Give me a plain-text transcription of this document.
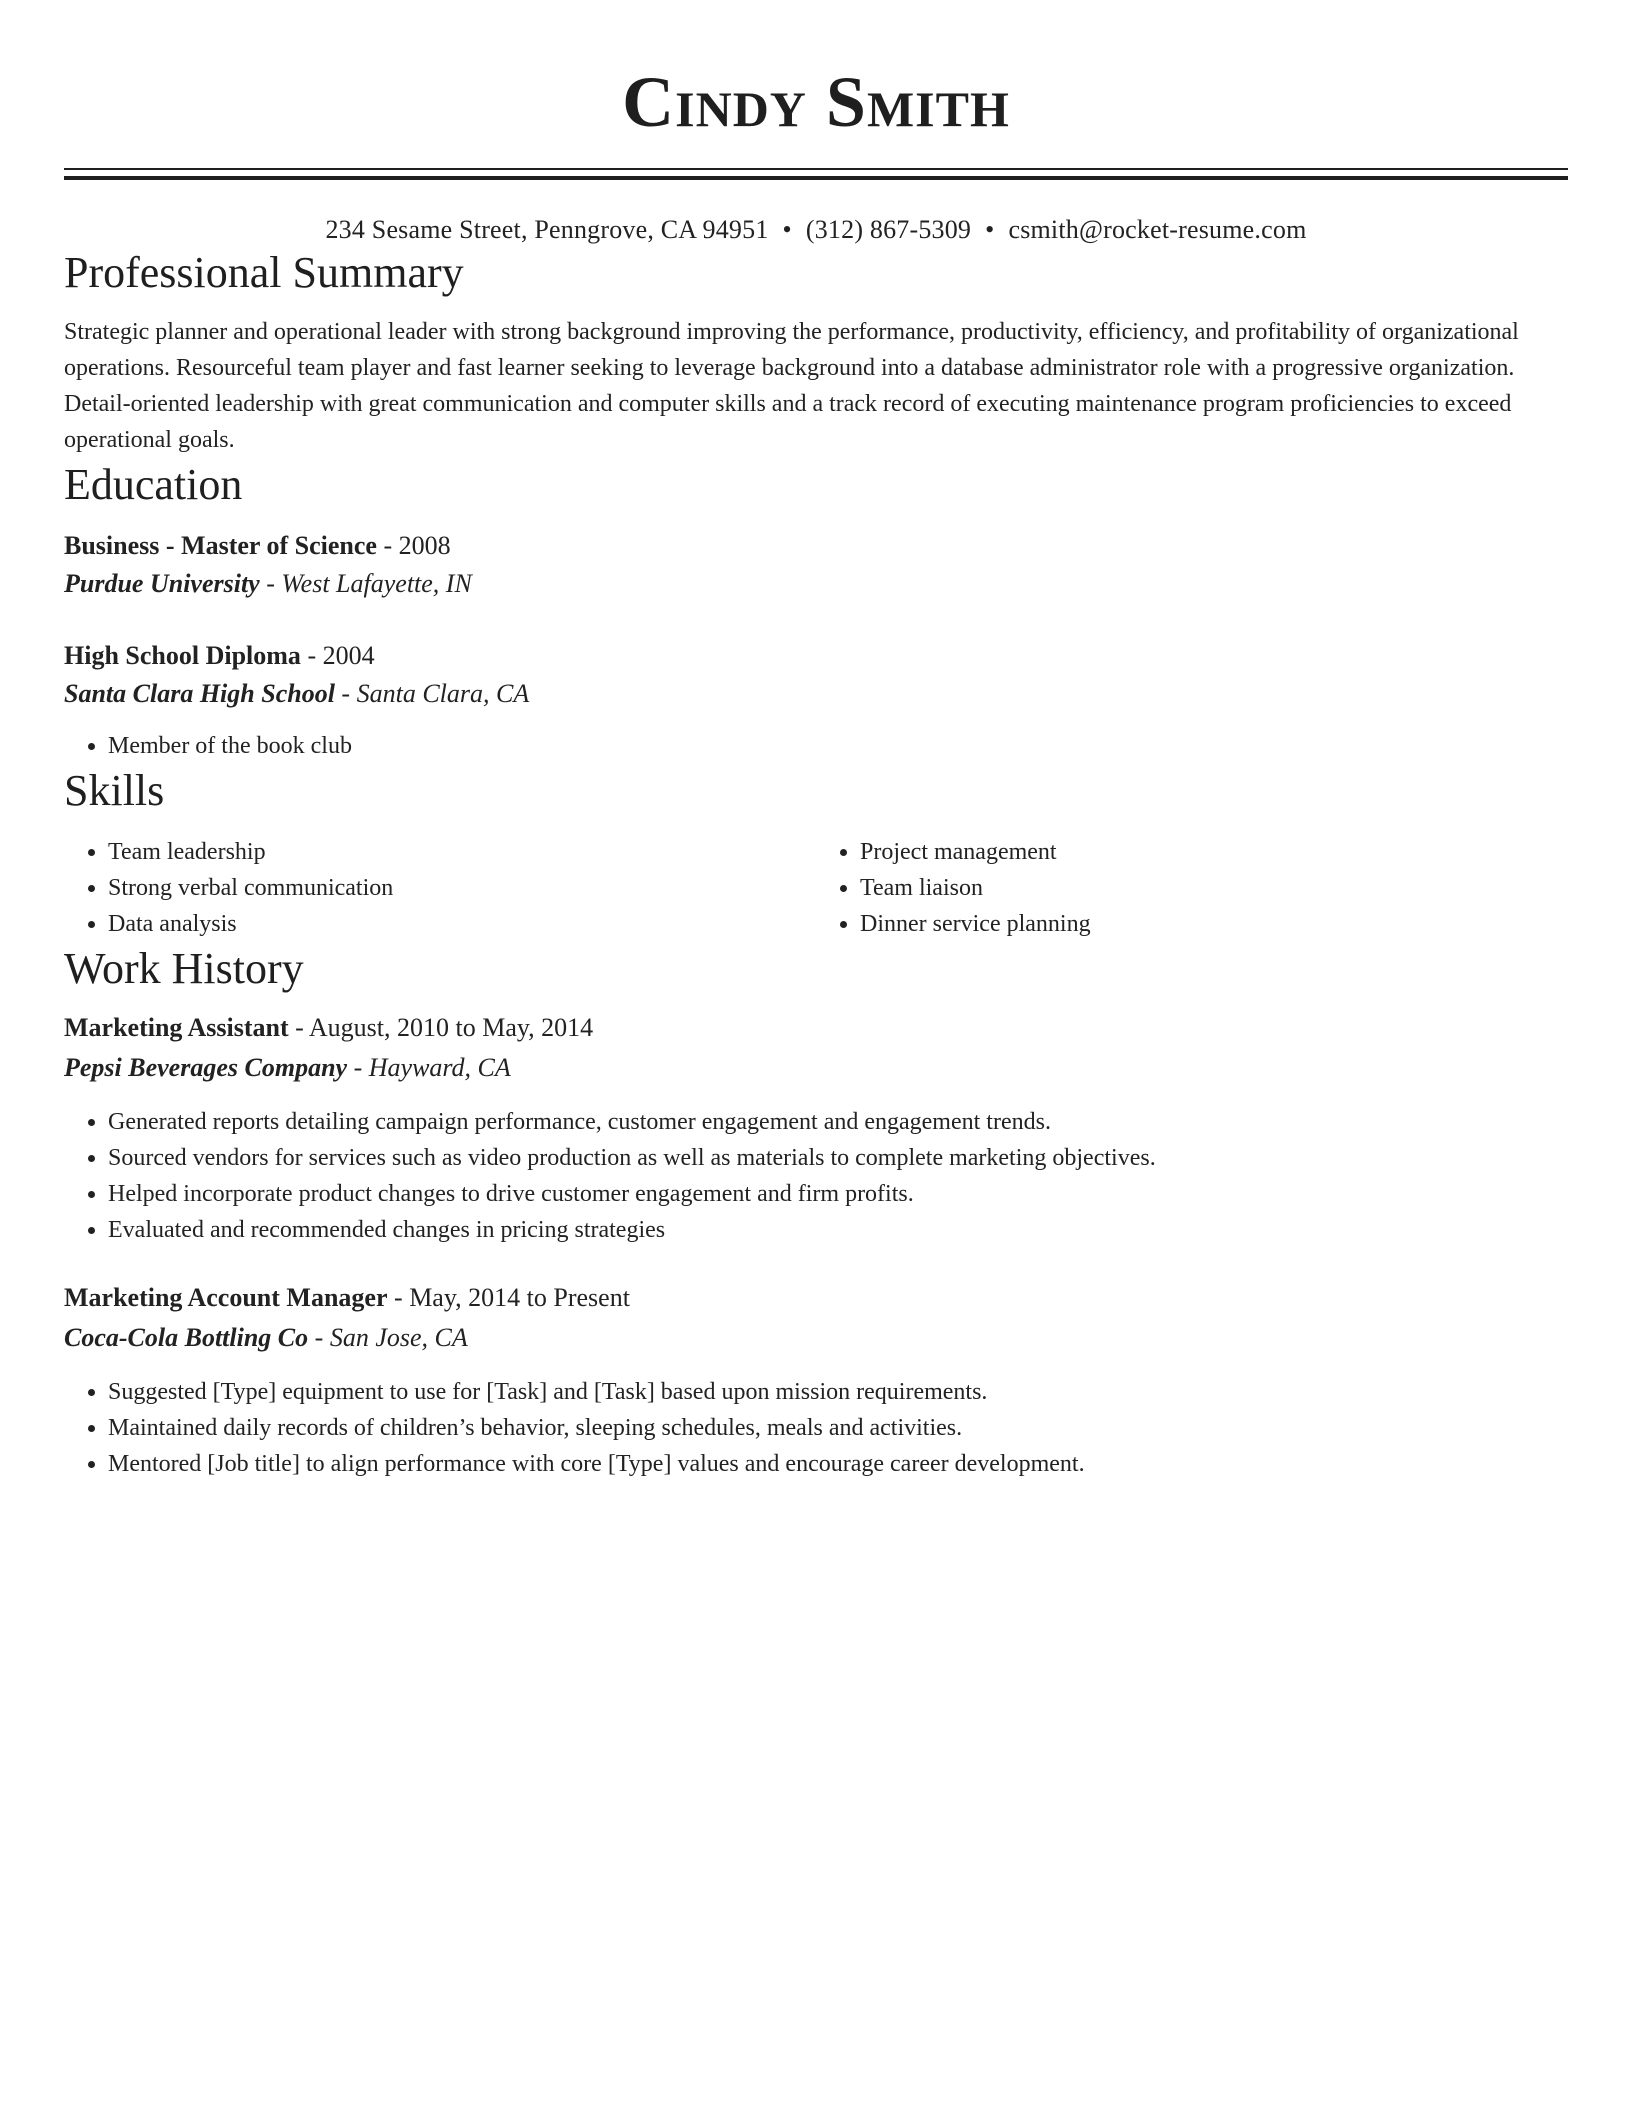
Cindy Smith
234 Sesame Street, Penngrove, CA 94951 • (312) 867-5309 • csmith@rocket-resume.com
Professional Summary
Strategic planner and operational leader with strong background improving the performance, productivity, efficiency, and profitability of organizational operations. Resourceful team player and fast learner seeking to leverage background into a database administrator role with a progressive organization. Detail-oriented leadership with great communication and computer skills and a track record of executing maintenance program proficiencies to exceed operational goals.
Education
Business - Master of Science - 2008
Purdue University - West Lafayette, IN
High School Diploma - 2004
Santa Clara High School - Santa Clara, CA
• Member of the book club
Skills
• Team leadership
• Strong verbal communication
• Data analysis
• Project management
• Team liaison
• Dinner service planning
Work History
Marketing Assistant - August, 2010 to May, 2014
Pepsi Beverages Company - Hayward, CA
• Generated reports detailing campaign performance, customer engagement and engagement trends.
• Sourced vendors for services such as video production as well as materials to complete marketing objectives.
• Helped incorporate product changes to drive customer engagement and firm profits.
• Evaluated and recommended changes in pricing strategies
Marketing Account Manager - May, 2014 to Present
Coca-Cola Bottling Co - San Jose, CA
• Suggested [Type] equipment to use for [Task] and [Task] based upon mission requirements.
• Maintained daily records of children’s behavior, sleeping schedules, meals and activities.
• Mentored [Job title] to align performance with core [Type] values and encourage career development.
